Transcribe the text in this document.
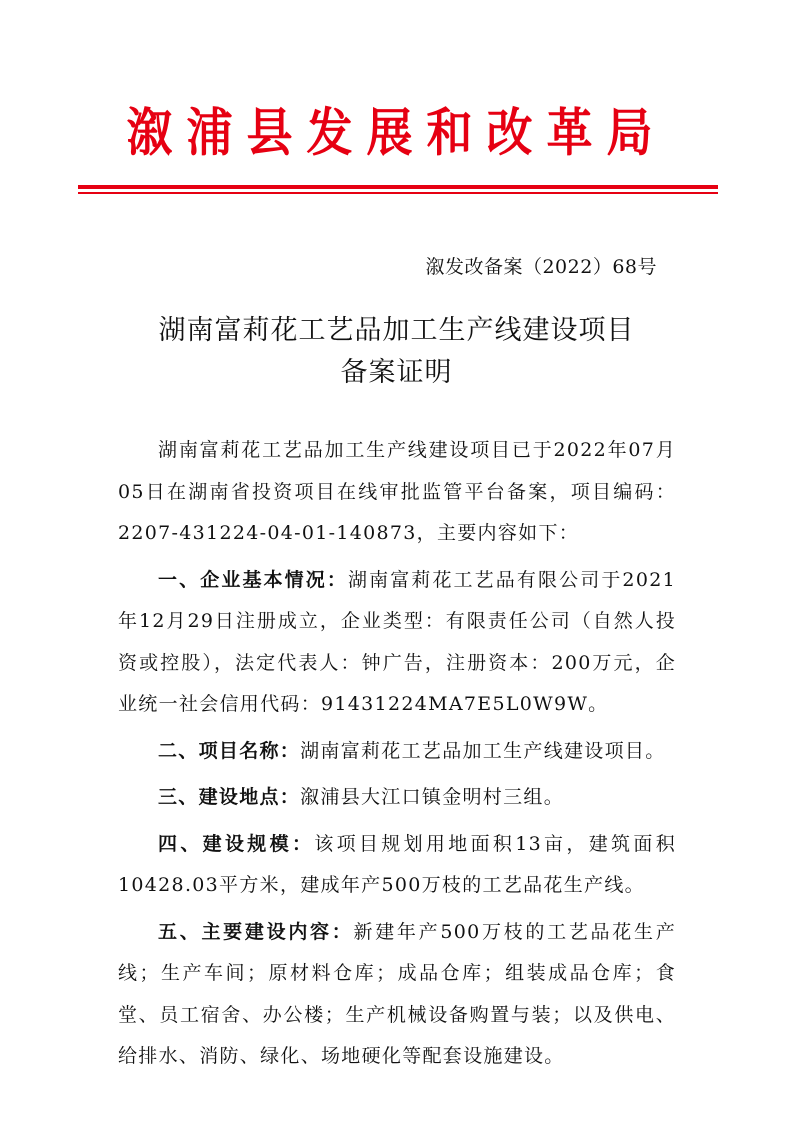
溆浦县发展和改革局
溆发改备案（2022）68号
湖南富莉花工艺品加工生产线建设项目
备案证明

湖南富莉花工艺品加工生产线建设项目已于2022年07月05日在湖南省投资项目在线审批监管平台备案，项目编码：2207-431224-04-01-140873，主要内容如下：

一、企业基本情况：湖南富莉花工艺品有限公司于2021年12月29日注册成立，企业类型：有限责任公司（自然人投资或控股），法定代表人：钟广告，注册资本：200万元，企业统一社会信用代码：91431224MA7E5L0W9W。

二、项目名称：湖南富莉花工艺品加工生产线建设项目。

三、建设地点：溆浦县大江口镇金明村三组。

四、建设规模：该项目规划用地面积13亩，建筑面积10428.03平方米，建成年产500万枝的工艺品花生产线。

五、主要建设内容：新建年产500万枝的工艺品花生产线；生产车间；原材料仓库；成品仓库；组装成品仓库；食堂、员工宿舍、办公楼；生产机械设备购置与装；以及供电、给排水、消防、绿化、场地硬化等配套设施建设。
